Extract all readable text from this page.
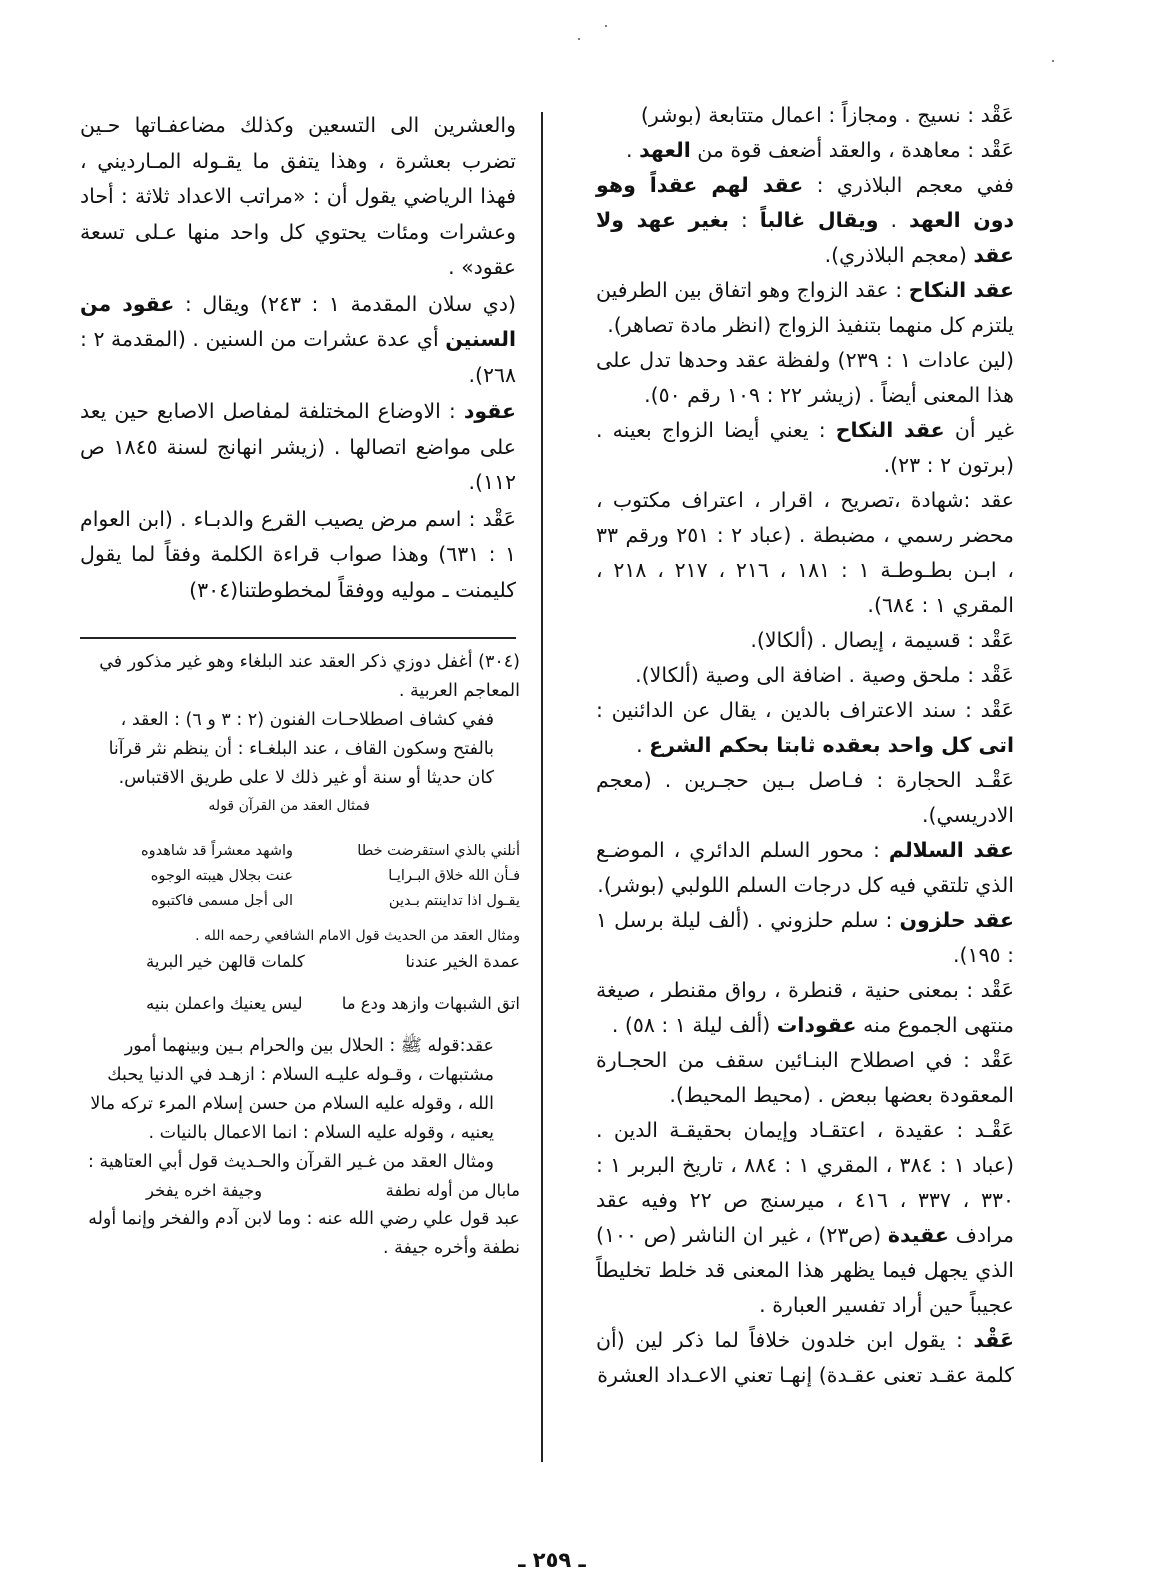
عَقْد : نسيج . ومجازاً : اعمال متتابعة (بوشر)

عَقْد : معاهدة ، والعقد أضعف قوة من العهد .

ففي معجم البلاذري : عقد لهم عقداً وهو دون العهد . ويقال غالباً : بغير عهد ولا عقد (معجم البلاذري).

عقد النكاح : عقد الزواج وهو اتفاق بين الطرفين يلتزم كل منهما بتنفيذ الزواج (انظر مادة تصاهر).

(لين عادات ١ : ٢٣٩) ولفظة عقد وحدها تدل على هذا المعنى أيضاً . (زيشر ٢٢ : ١٠٩ رقم ٥٠).

غير أن عقد النكاح : يعني أيضا الزواج بعينه . (برتون ٢ : ٢٣).

عقد :شهادة ،تصريح ، اقرار ، اعتراف مكتوب ، محضر رسمي ، مضبطة . (عباد ٢ : ٢٥١ ورقم ٣٣ ، ابـن بطـوطـة ١ : ١٨١ ، ٢١٦ ، ٢١٧ ، ٢١٨ ، المقري ١ : ٦٨٤).

عَقْد : قسيمة ، إيصال . (ألكالا).

عَقْد : ملحق وصية . اضافة الى وصية (ألكالا).

عَقْد : سند الاعتراف بالدين ، يقال عن الدائنين : اتى كل واحد بعقده ثابتا بحكم الشرع .

عَقْـد الحجارة : فـاصل بـين حجـرين . (معجم الادريسي).

عقد السلالم : محور السلم الدائري ، الموضـع الذي تلتقي فيه كل درجات السلم اللولبي (بوشر).

عقد حلزون : سلم حلزوني . (ألف ليلة برسل ١ : ١٩٥).

عَقْد : بمعنى حنية ، قنطرة ، رواق مقنطر ، صيغة منتهى الجموع منه عقودات (ألف ليلة ١ : ٥٨) .

عَقْد : في اصطلاح البنـائين سقف من الحجـارة المعقودة بعضها ببعض . (محيط المحيط).

عَقْـد : عقيدة ، اعتقـاد وإيمان بحقيقـة الدين . (عباد ١ : ٣٨٤ ، المقري ١ : ٨٨٤ ، تاريخ البربر ١ : ٣٣٠ ، ٣٣٧ ، ٤١٦ ، ميرسنج ص ٢٢ وفيه عقد مرادف عقيدة (ص٢٣) ، غير ان الناشر (ص ١٠٠) الذي يجهل فيما يظهر هذا المعنى قد خلط تخليطاً عجيباً حين أراد تفسير العبارة .

عَقْد : يقول ابن خلدون خلافاً لما ذكر لين (أن كلمة عقـد تعنى عقـدة) إنهـا تعني الاعـداد العشرة

والعشرين الى التسعين وكذلك مضاعفـاتها حـين تضرب بعشرة ، وهذا يتفق ما يقـوله المـارديني ، فهذا الرياضي يقول أن : «مراتب الاعداد ثلاثة : أحاد وعشرات ومئات يحتوي كل واحد منها عـلى تسعة عقود» .

(دي سلان المقدمة ١ : ٢٤٣) ويقال : عقود من السنين أي عدة عشرات من السنين . (المقدمة ٢ : ٢٦٨).

عقود : الاوضاع المختلفة لمفاصل الاصابع حين يعد على مواضع اتصالها . (زيشر انهانج لسنة ١٨٤٥ ص ١١٢).

عَقْد : اسم مرض يصيب القرع والدبـاء . (ابن العوام ١ : ٦٣١) وهذا صواب قراءة الكلمة وفقاً لما يقول كليمنت ـ موليه ووفقاً لمخطوطتنا(٣٠٤)

(٣٠٤) أغفل دوزي ذكر العقد عند البلغاء وهو غير مذكور في المعاجم العربية .

ففي كشاف اصطلاحـات الفنون (٢ : ٣ و ٦) : العقد ، بالفتح وسكون القاف ، عند البلغـاء : أن ينظم نثر قرآنا كان حديثا أو سنة أو غير ذلك لا على طريق الاقتباس.

فمثال العقد من القرآن قوله

أنلني بالذي استقرضت خطا
واشهد معشراً قد شاهدوه
فـأن الله خلاق البـرايـا
عنت بجلال هيبته الوجوه
يقـول اذا تداينتم بـدين
الى أجل مسمى فاكتبوه

ومثال العقد من الحديث قول الامام الشافعي رحمه الله .

عمدة الخير عندنا
كلمات قالهن خير البرية

اتق الشبهات وازهد ودع ما
ليس يعنيك واعملن بنيه

عقد:قوله ﷺ : الحلال بين والحرام بـين وبينهما أمور مشتبهات ، وقـوله عليـه السلام : ازهـد في الدنيا يحبك الله ، وقوله عليه السلام من حسن إسلام المرء تركه مالا يعنيه ، وقوله عليه السلام : انما الاعمال بالنيات .

ومثال العقد من غـير القرآن والحـديث قول أبي العتاهية :

مابال من أوله نطفة
وجيفة اخره يفخر

عبد قول علي رضي الله عنه : وما لابن آدم والفخر وإنما أوله نطفة وأخره جيفة .

ـ ٢٥٩ ـ
